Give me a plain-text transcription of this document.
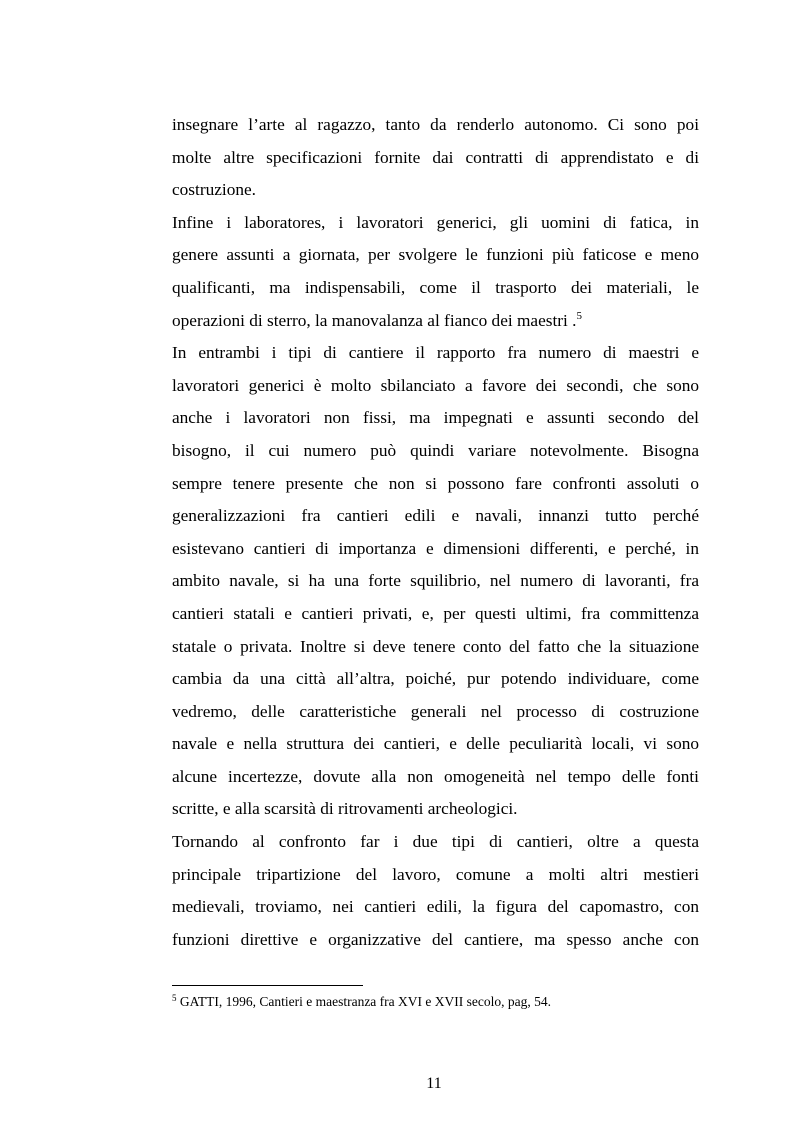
insegnare l’arte al ragazzo, tanto da renderlo autonomo. Ci sono poi
molte altre specificazioni fornite dai contratti di apprendistato e di
costruzione.

Infine i laboratores, i lavoratori generici, gli uomini di fatica, in
genere assunti a giornata, per svolgere le funzioni più faticose e meno
qualificanti, ma indispensabili, come il trasporto dei materiali, le
operazioni di sterro, la manovalanza al fianco dei maestri .$^5$

In entrambi i tipi di cantiere il rapporto fra numero di maestri e
lavoratori generici è molto sbilanciato a favore dei secondi, che sono
anche i lavoratori non fissi, ma impegnati e assunti secondo del
bisogno, il cui numero può quindi variare notevolmente. Bisogna
sempre tenere presente che non si possono fare confronti assoluti o
generalizzazioni fra cantieri edili e navali, innanzi tutto perché
esistevano cantieri di importanza e dimensioni differenti, e perché, in
ambito navale, si ha una forte squilibrio, nel numero di lavoranti, fra
cantieri statali e cantieri privati, e, per questi ultimi, fra committenza
statale o privata. Inoltre si deve tenere conto del fatto che la situazione
cambia da una città all’altra, poiché, pur potendo individuare, come
vedremo, delle caratteristiche generali nel processo di costruzione
navale e nella struttura dei cantieri, e delle peculiarità locali, vi sono
alcune incertezze, dovute alla non omogeneità nel tempo delle fonti
scritte, e alla scarsità di ritrovamenti archeologici.

Tornando al confronto far i due tipi di cantieri, oltre a questa
principale tripartizione del lavoro, comune a molti altri mestieri
medievali, troviamo, nei cantieri edili, la figura del capomastro, con
funzioni direttive e organizzative del cantiere, ma spesso anche con

$^5$ GATTI, 1996, Cantieri e maestranza fra XVI e XVII secolo, pag, 54.
11
